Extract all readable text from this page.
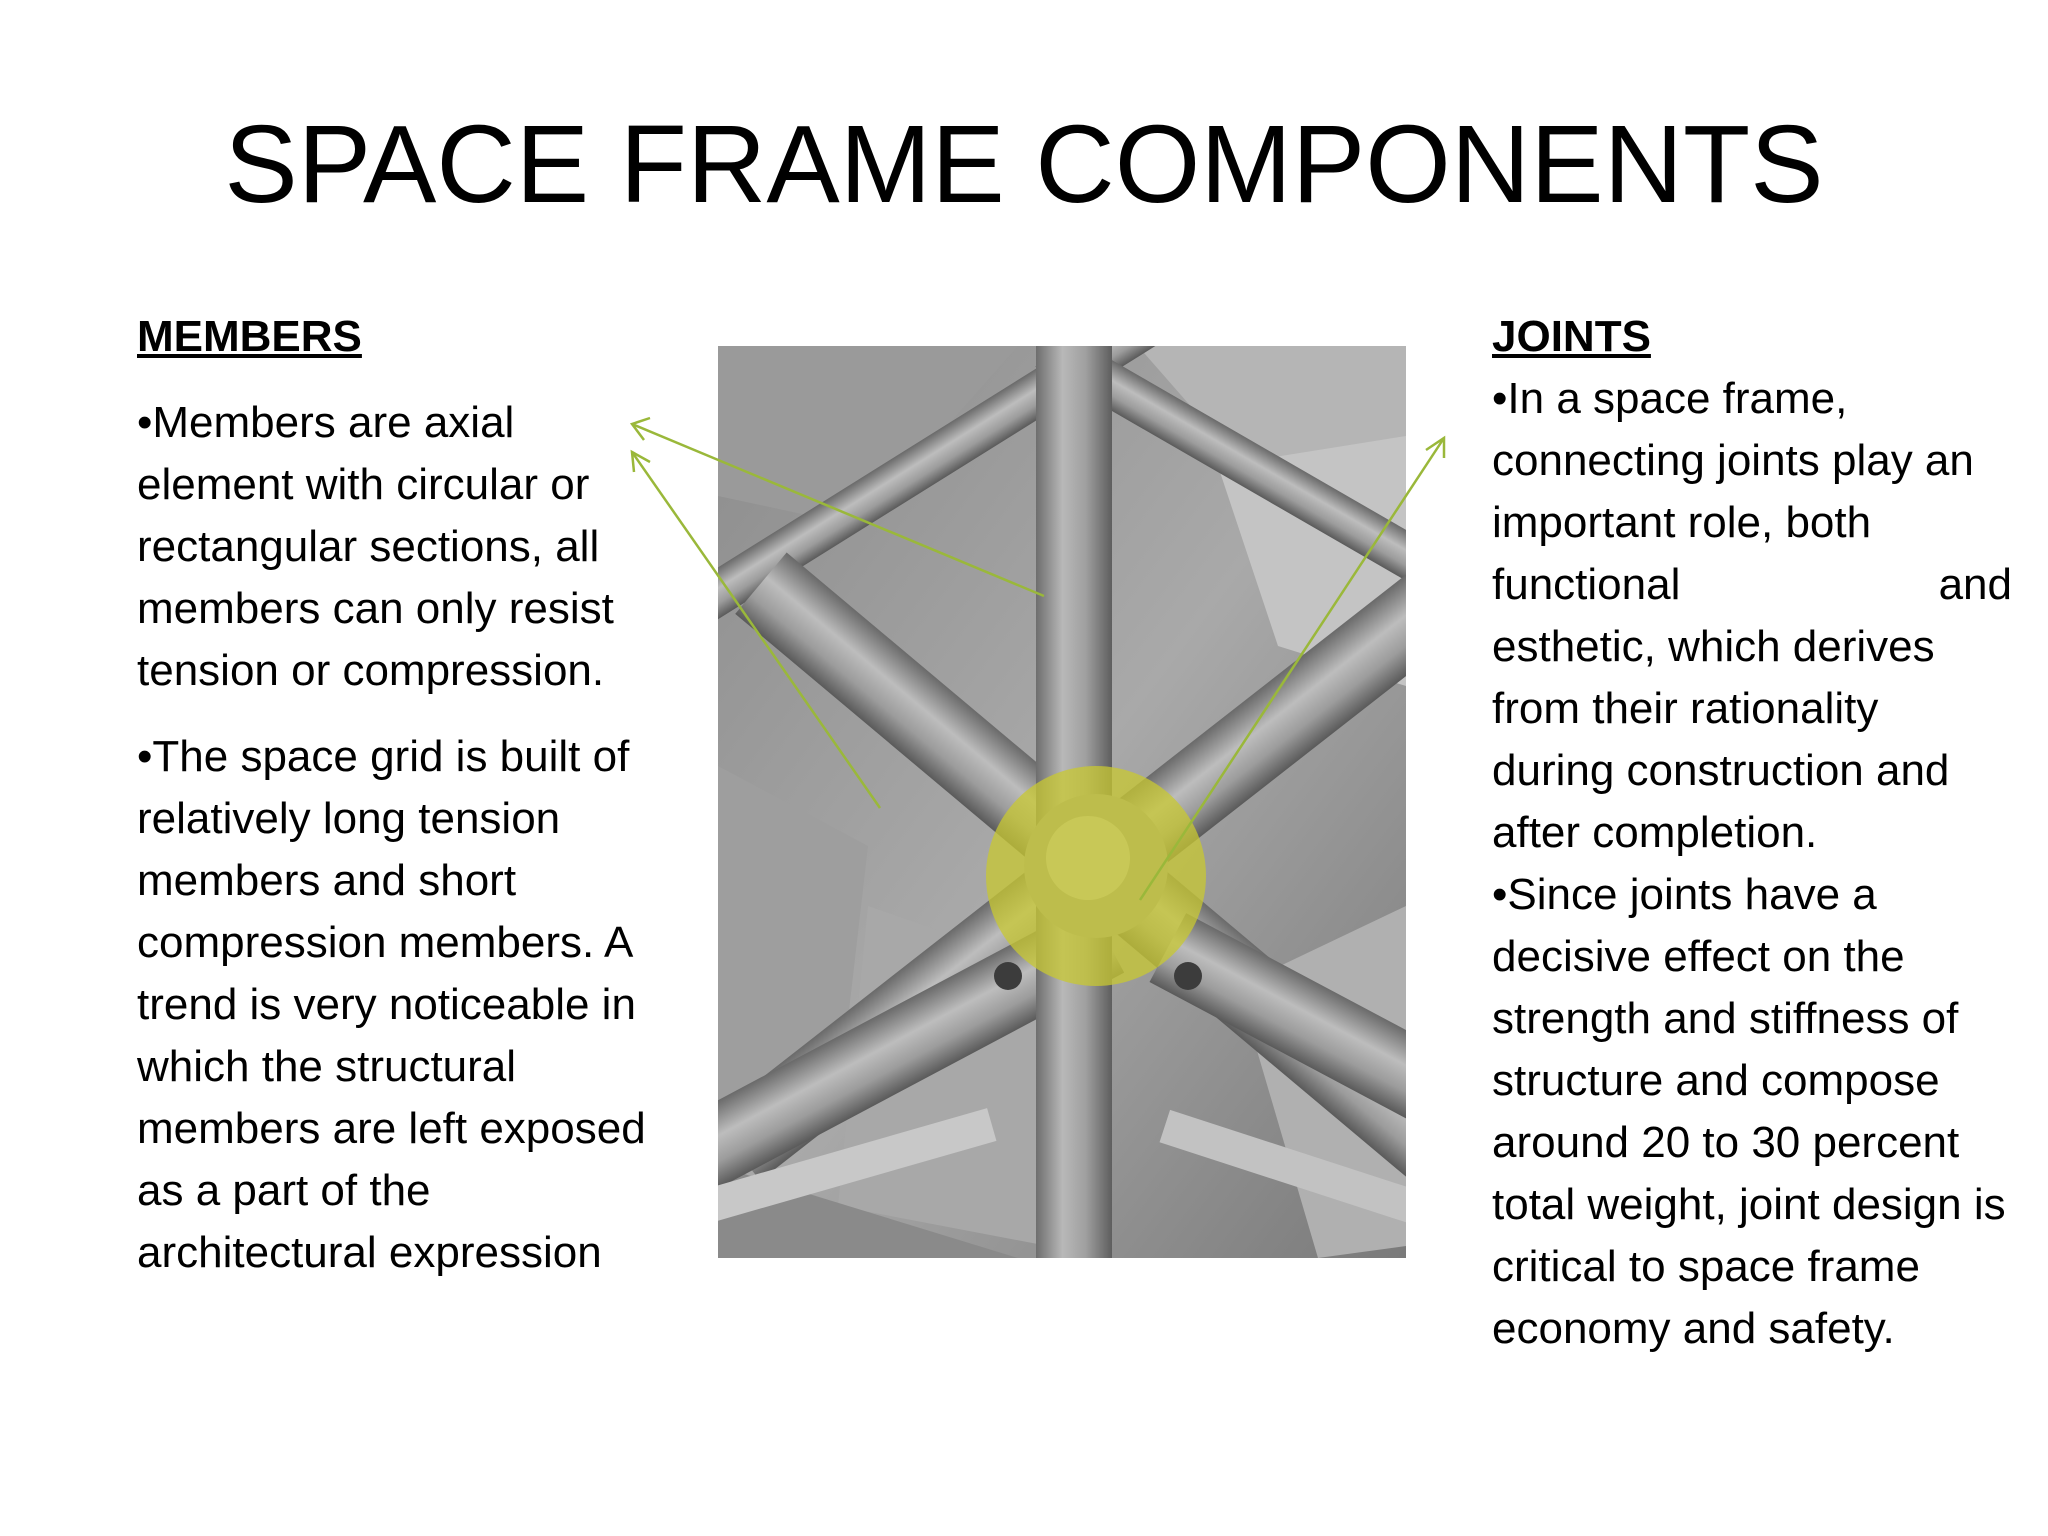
SPACE FRAME COMPONENTS

MEMBERS

•Members are axial element with circular or rectangular sections, all members can only resist tension or compression.

•The space grid is built of relatively long tension members and short compression members. A trend is very noticeable in which the structural members are left exposed as a part of the architectural expression

JOINTS

•In a space frame, connecting joints play an important role, both
functional	and
esthetic, which derives from their rationality during construction and after completion.

•Since joints have a decisive effect on the strength and stiffness of structure and compose around 20 to 30 percent total weight, joint design is critical to space frame economy and safety.
